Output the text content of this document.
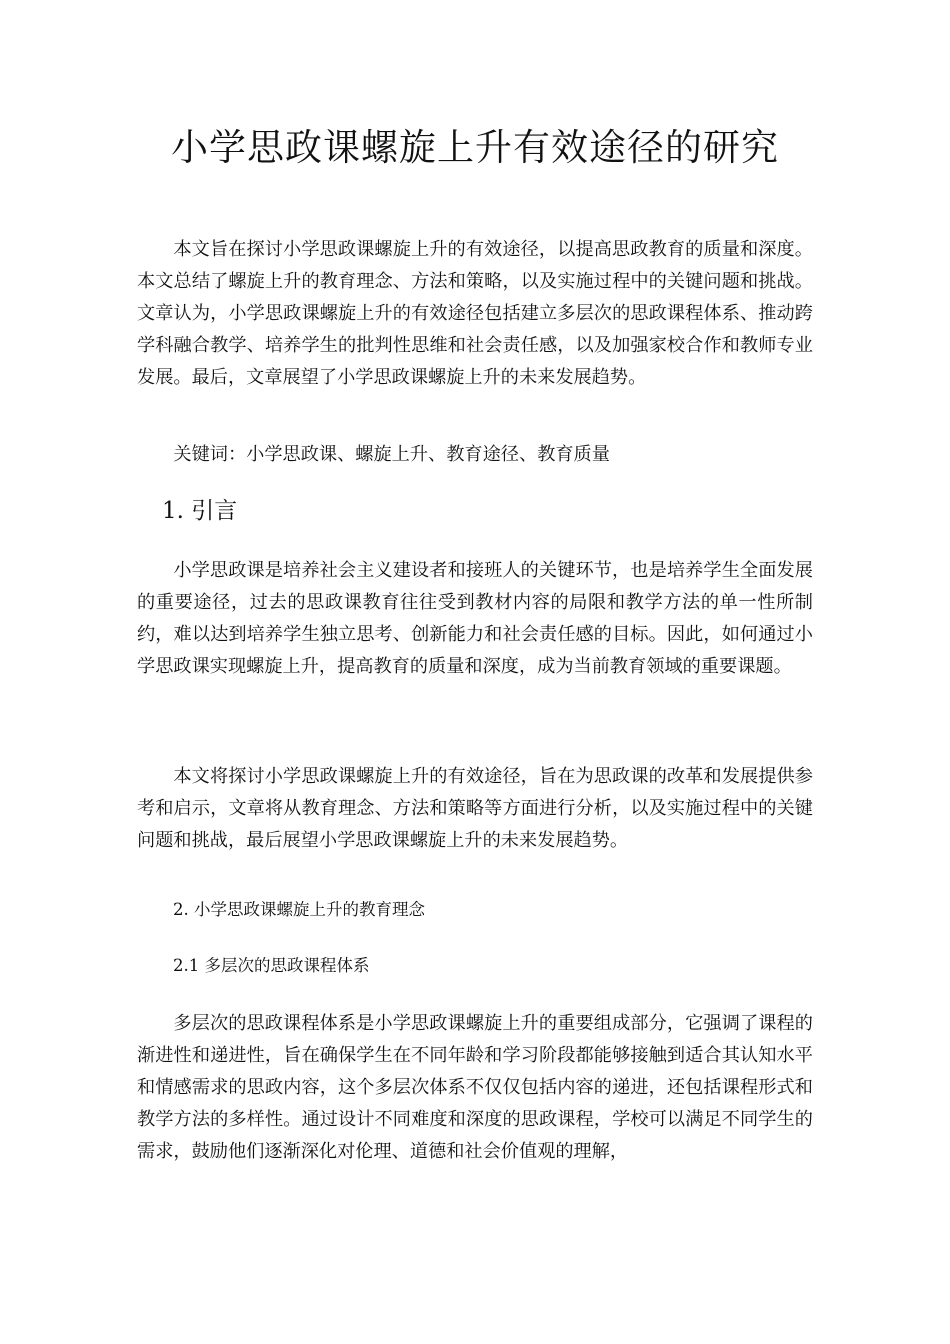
小学思政课螺旋上升有效途径的研究

本文旨在探讨小学思政课螺旋上升的有效途径，以提高思政教育的质量和深度。本文总结了螺旋上升的教育理念、方法和策略，以及实施过程中的关键问题和挑战。文章认为，小学思政课螺旋上升的有效途径包括建立多层次的思政课程体系、推动跨学科融合教学、培养学生的批判性思维和社会责任感，以及加强家校合作和教师专业发展。最后，文章展望了小学思政课螺旋上升的未来发展趋势。

关键词：小学思政课、螺旋上升、教育途径、教育质量

1. 引言

小学思政课是培养社会主义建设者和接班人的关键环节，也是培养学生全面发展的重要途径，过去的思政课教育往往受到教材内容的局限和教学方法的单一性所制约，难以达到培养学生独立思考、创新能力和社会责任感的目标。因此，如何通过小学思政课实现螺旋上升，提高教育的质量和深度，成为当前教育领域的重要课题。

本文将探讨小学思政课螺旋上升的有效途径，旨在为思政课的改革和发展提供参考和启示，文章将从教育理念、方法和策略等方面进行分析，以及实施过程中的关键问题和挑战，最后展望小学思政课螺旋上升的未来发展趋势。

2. 小学思政课螺旋上升的教育理念
2.1 多层次的思政课程体系

多层次的思政课程体系是小学思政课螺旋上升的重要组成部分，它强调了课程的渐进性和递进性，旨在确保学生在不同年龄和学习阶段都能够接触到适合其认知水平和情感需求的思政内容，这个多层次体系不仅仅包括内容的递进，还包括课程形式和教学方法的多样性。通过设计不同难度和深度的思政课程，学校可以满足不同学生的需求，鼓励他们逐渐深化对伦理、道德和社会价值观的理解，
